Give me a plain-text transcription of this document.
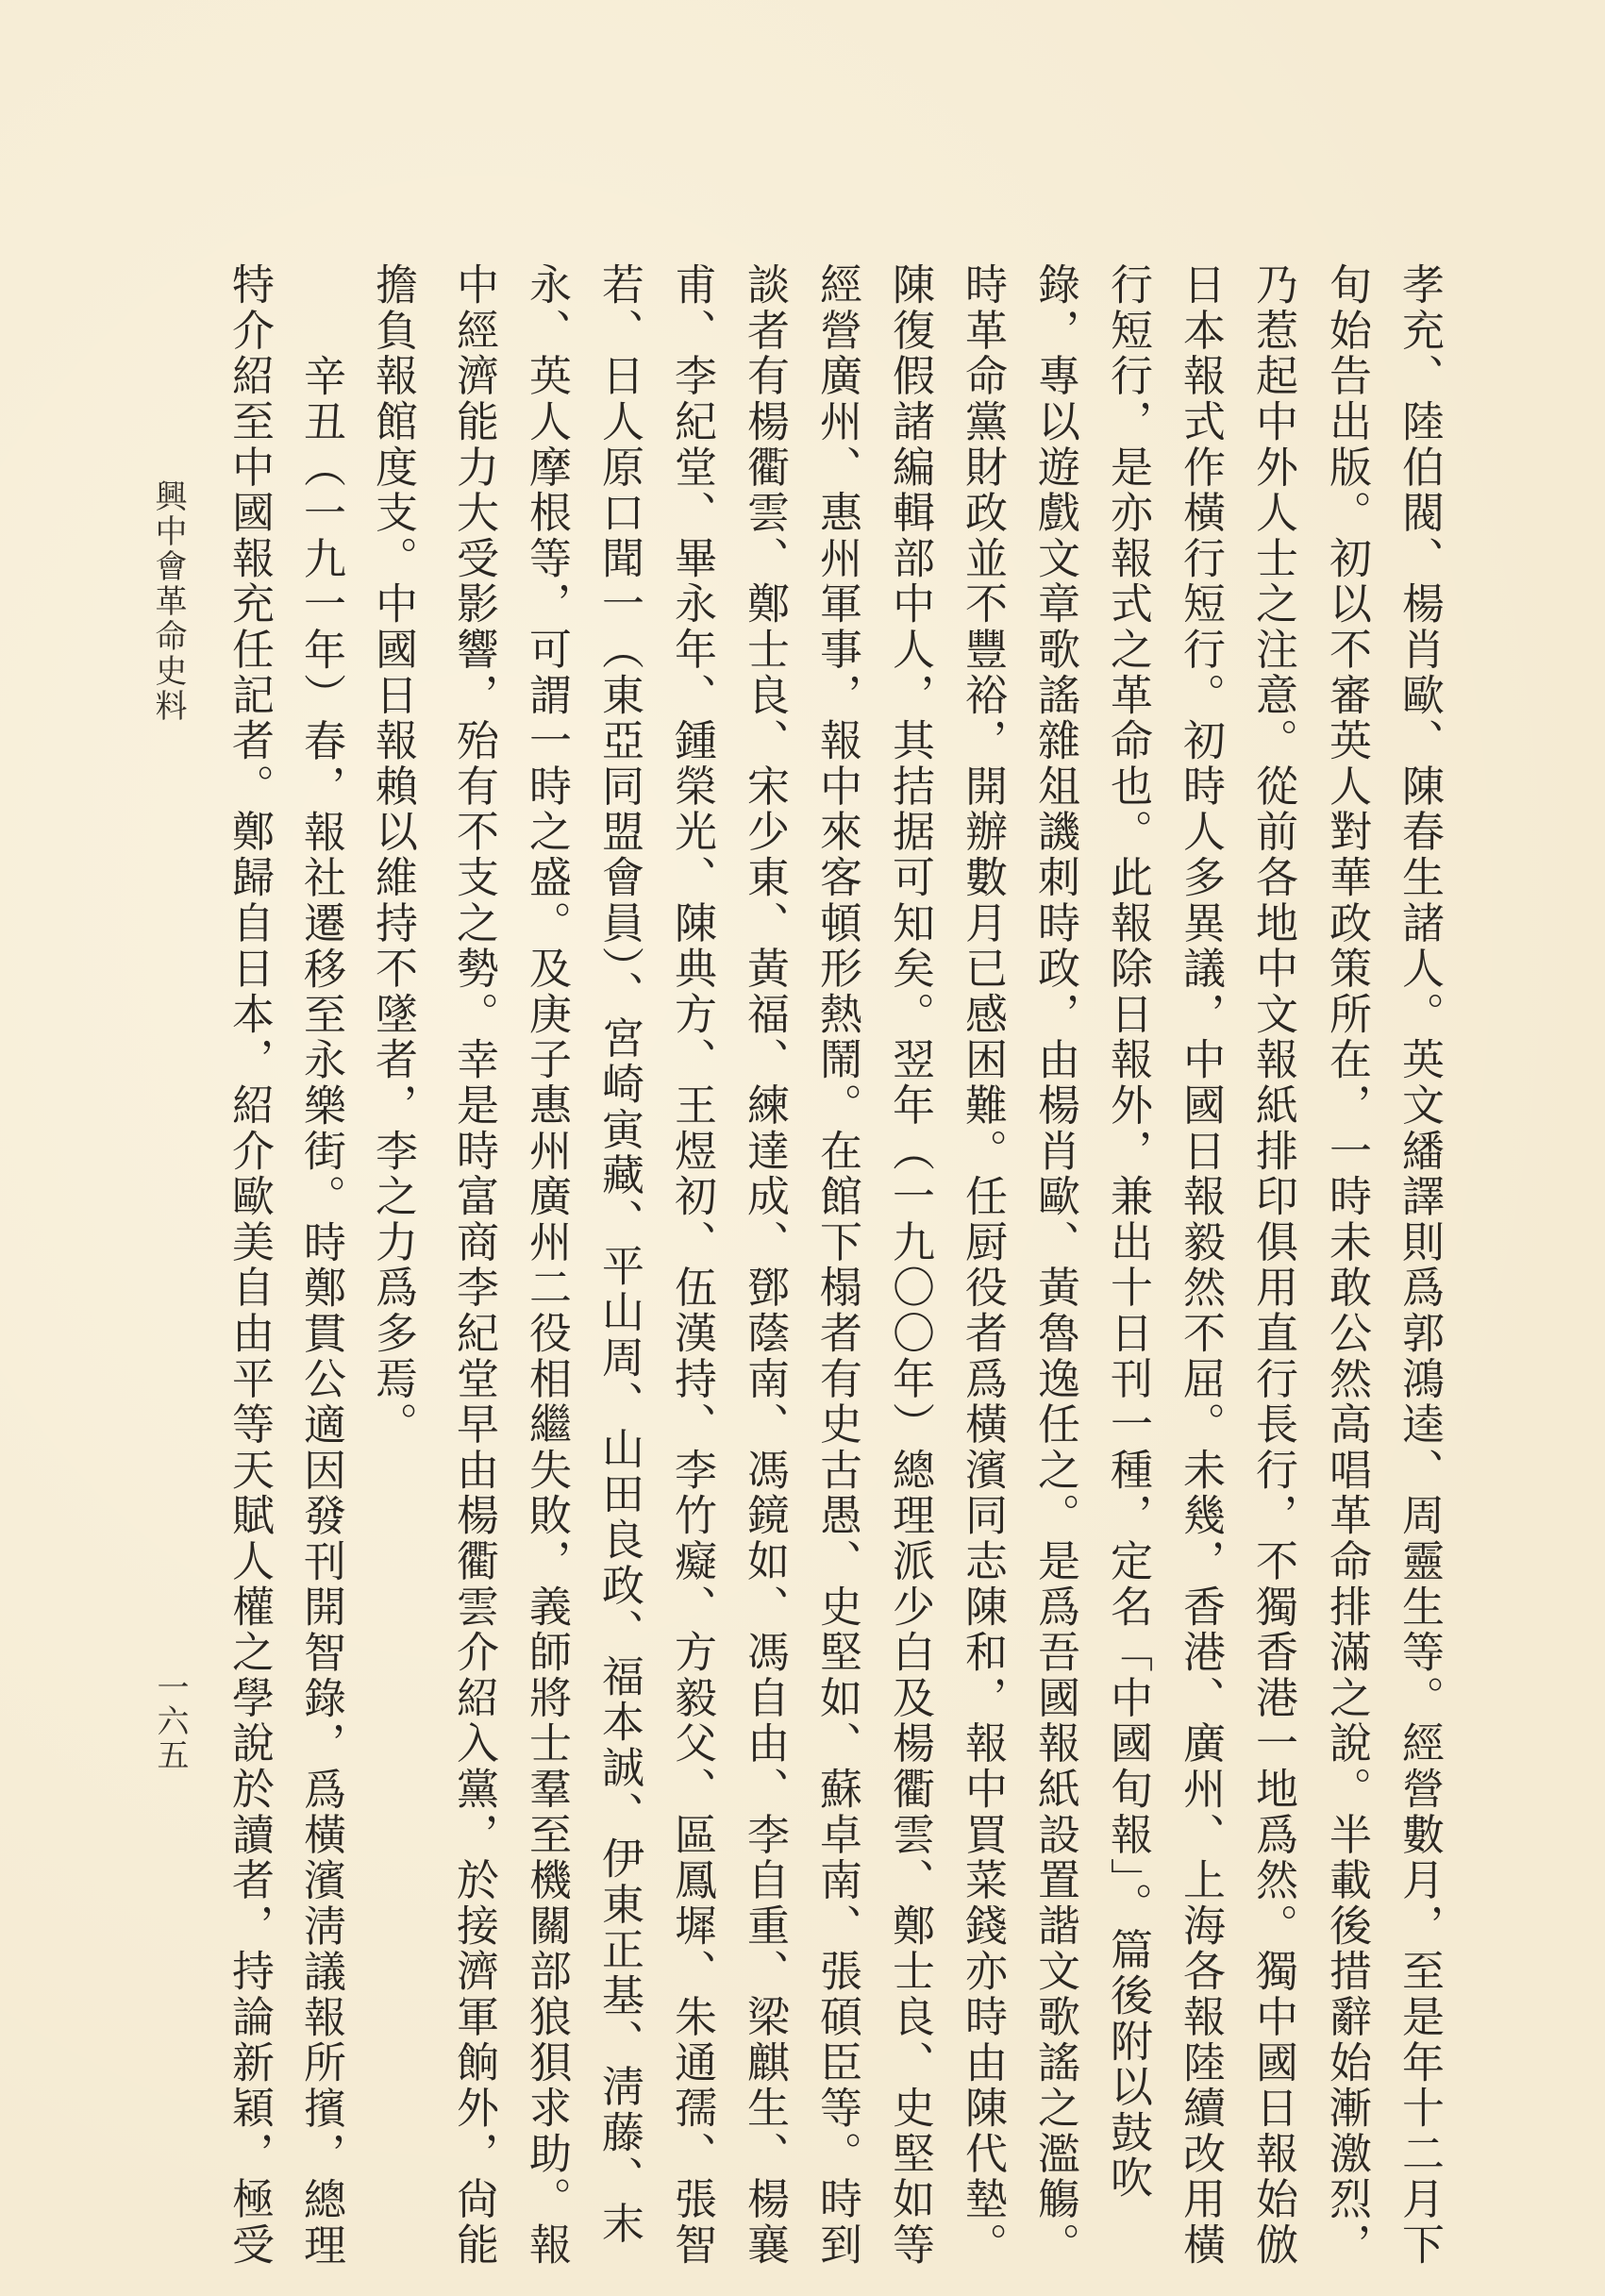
孝充、陸伯閥、楊肖歐、陳春生諸人。英文繙譯則爲郭鴻逵、周靈生等。經營數月，至是年十二月下
旬始告出版。初以不審英人對華政策所在，一時未敢公然高唱革命排滿之說。半載後措辭始漸激烈，
乃惹起中外人士之注意。從前各地中文報紙排印俱用直行長行，不獨香港一地爲然。獨中國日報始倣
日本報式作橫行短行。初時人多異議，中國日報毅然不屈。未幾，香港、廣州、上海各報陸續改用橫
行短行，是亦報式之革命也。此報除日報外，兼出十日刊一種，定名「中國旬報」。篇後附以鼓吹
錄，專以遊戲文章歌謠雜俎譏刺時政，由楊肖歐、黃魯逸任之。是爲吾國報紙設置諧文歌謠之濫觴。
時革命黨財政並不豐裕，開辦數月已感困難。任厨役者爲橫濱同志陳和，報中買菜錢亦時由陳代墊。
陳復假諸編輯部中人，其拮据可知矣。翌年（一九〇〇年）總理派少白及楊衢雲、鄭士良、史堅如等
經營廣州、惠州軍事，報中來客頓形熱鬧。在館下榻者有史古愚、史堅如、蘇卓南、張碩臣等。時到
談者有楊衢雲、鄭士良、宋少東、黃福、練達成、鄧蔭南、馮鏡如、馮自由、李自重、梁麒生、楊襄
甫、李紀堂、畢永年、鍾榮光、陳典方、王煜初、伍漢持、李竹癡、方毅父、區鳳墀、朱通孺、張智
若、日人原口聞一（東亞同盟會員）、宮崎寅藏、平山周、山田良政、福本誠、伊東正基、淸藤、末
永、英人摩根等，可謂一時之盛。及庚子惠州廣州二役相繼失敗，義師將士羣至機關部狼狽求助。報
中經濟能力大受影響，殆有不支之勢。幸是時富商李紀堂早由楊衢雲介紹入黨，於接濟軍餉外，尙能
擔負報館度支。中國日報賴以維持不墜者，李之力爲多焉。
辛丑（一九一年）春，報社遷移至永樂街。時鄭貫公適因發刊開智錄，爲橫濱淸議報所擯，總理
特介紹至中國報充任記者。鄭歸自日本，紹介歐美自由平等天賦人權之學說於讀者，持論新穎，極受
興中會革命史料
一六五
